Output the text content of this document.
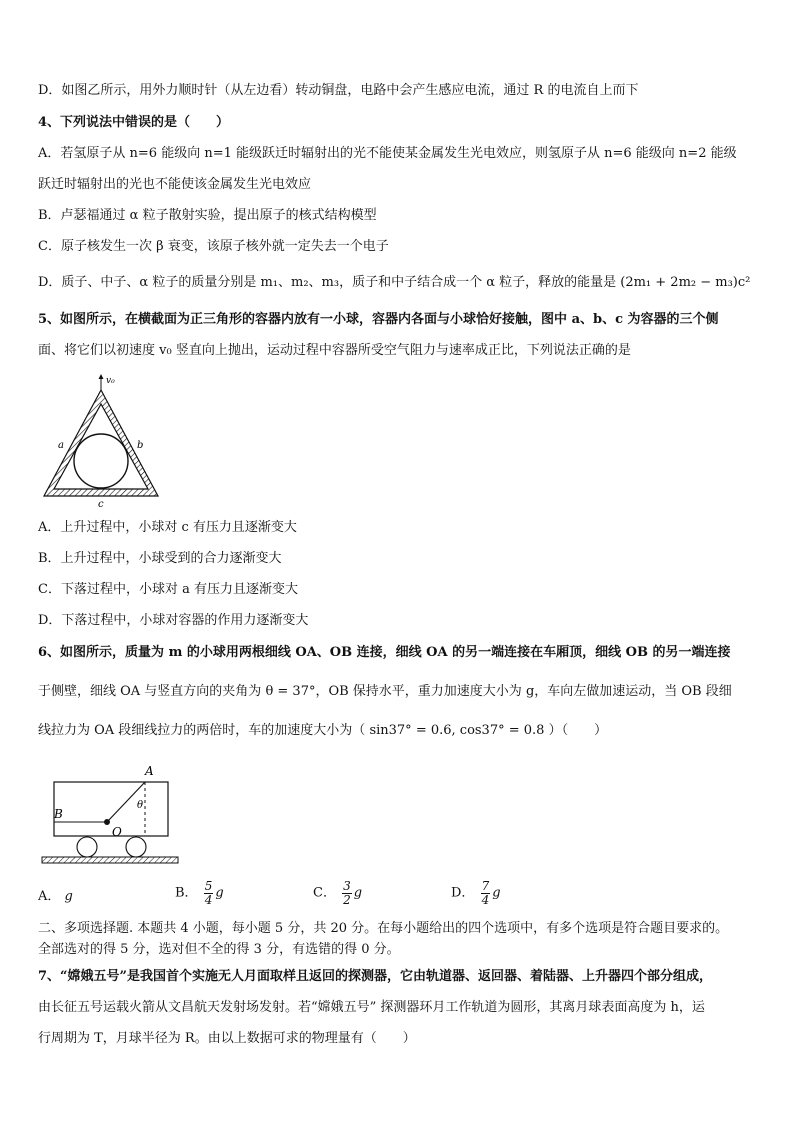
D．如图乙所示，用外力顺时针（从左边看）转动铜盘，电路中会产生感应电流，通过 R 的电流自上而下
4、下列说法中错误的是（　　）
A．若氢原子从 n=6 能级向 n=1 能级跃迁时辐射出的光不能使某金属发生光电效应，则氢原子从 n=6 能级向 n=2 能级
跃迁时辐射出的光也不能使该金属发生光电效应
B．卢瑟福通过 α 粒子散射实验，提出原子的核式结构模型
C．原子核发生一次 β 衰变，该原子核外就一定失去一个电子
D．质子、中子、α 粒子的质量分别是 m₁、m₂、m₃，质子和中子结合成一个 α 粒子，释放的能量是 (2m₁ + 2m₂ − m₃)c²
5、如图所示，在横截面为正三角形的容器内放有一小球，容器内各面与小球恰好接触，图中 a、b、c 为容器的三个侧
面、将它们以初速度 v₀ 竖直向上抛出，运动过程中容器所受空气阻力与速率成正比，下列说法正确的是
v₀
a	b
c
A．上升过程中，小球对 c 有压力且逐渐变大
B．上升过程中，小球受到的合力逐渐变大
C．下落过程中，小球对 a 有压力且逐渐变大
D．下落过程中，小球对容器的作用力逐渐变大
6、如图所示，质量为 m 的小球用两根细线 OA、OB 连接，细线 OA 的另一端连接在车厢顶，细线 OB 的另一端连接
于侧壁，细线 OA 与竖直方向的夹角为 θ = 37°，OB 保持水平，重力加速度大小为 g，车向左做加速运动，当 OB 段细
线拉力为 OA 段细线拉力的两倍时，车的加速度大小为（ sin37° = 0.6, cos37° = 0.8 ）（　　）
A
B
O
θ
A． g	B． $\frac{5}{4}$ g	C． $\frac{3}{2}$ g	D． $\frac{7}{4}$ g
二、多项选择题. 本题共 4 小题，每小题 5 分，共 20 分。在每小题给出的四个选项中，有多个选项是符合题目要求的。
全部选对的得 5 分，选对但不全的得 3 分，有选错的得 0 分。
7、“嫦娥五号”是我国首个实施无人月面取样且返回的探测器，它由轨道器、返回器、着陆器、上升器四个部分组成，
由长征五号运载火箭从文昌航天发射场发射。若“嫦娥五号” 探测器环月工作轨道为圆形，其离月球表面高度为 h，运
行周期为 T，月球半径为 R。由以上数据可求的物理量有（　　）
